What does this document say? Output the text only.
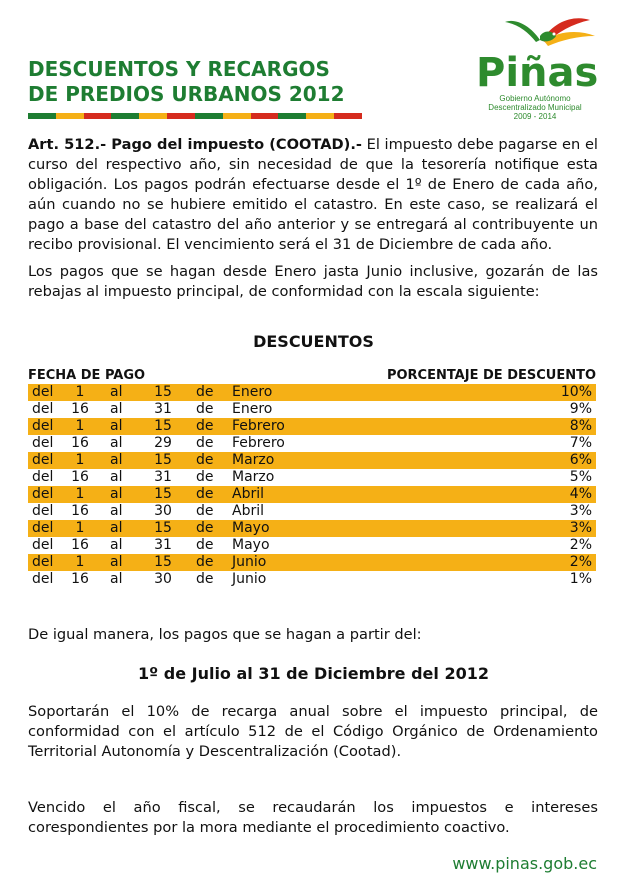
DESCUENTOS Y RECARGOS
DE PREDIOS URBANOS 2012	Piñas
Gobierno Autónomo
Descentralizado Municipal
2009 - 2014
Art. 512.- Pago del impuesto (COOTAD).- El impuesto debe pagarse en el curso del respectivo año, sin necesidad de que la tesorería notifique esta obligación. Los pagos podrán efectuarse desde el 1º de Enero de cada año, aún cuando no se hubiere emitido el catastro. En este caso, se realizará el pago a base del catastro del año anterior y se entregará al contribuyente un recibo provisional. El vencimiento será el 31 de Diciembre de cada año.
Los pagos que se hagan desde Enero jasta Junio inclusive, gozarán de las rebajas al impuesto principal, de conformidad con la escala siguiente:
DESCUENTOS
FECHA DE PAGO	PORCENTAJE DE DESCUENTO
del	1	al 15 de Enero	10%
del 16 al 31 de Enero	9%
del	1	al 15 de Febrero	8%
del 16 al 29 de Febrero	7%
del	1	al 15 de Marzo	6%
del 16 al 31 de Marzo	5%
del	1	al 15 de Abril	4%
del 16 al 30 de Abril	3%
del	1	al 15 de Mayo	3%
del 16 al 31 de Mayo	2%
del	1	al 15 de Junio	2%
del 16 al 30 de Junio	1%
De igual manera, los pagos que se hagan a partir del:
1º de Julio al 31 de Diciembre del 2012
Soportarán el 10% de recarga anual sobre el impuesto principal, de conformidad con el artículo 512 de el Código Orgánico de Ordenamiento Territorial Autonomía y Descentralización (Cootad).
Vencido el año fiscal, se recaudarán los impuestos e intereses corespondientes por la mora mediante el procedimiento coactivo.
www.pinas.gob.ec
